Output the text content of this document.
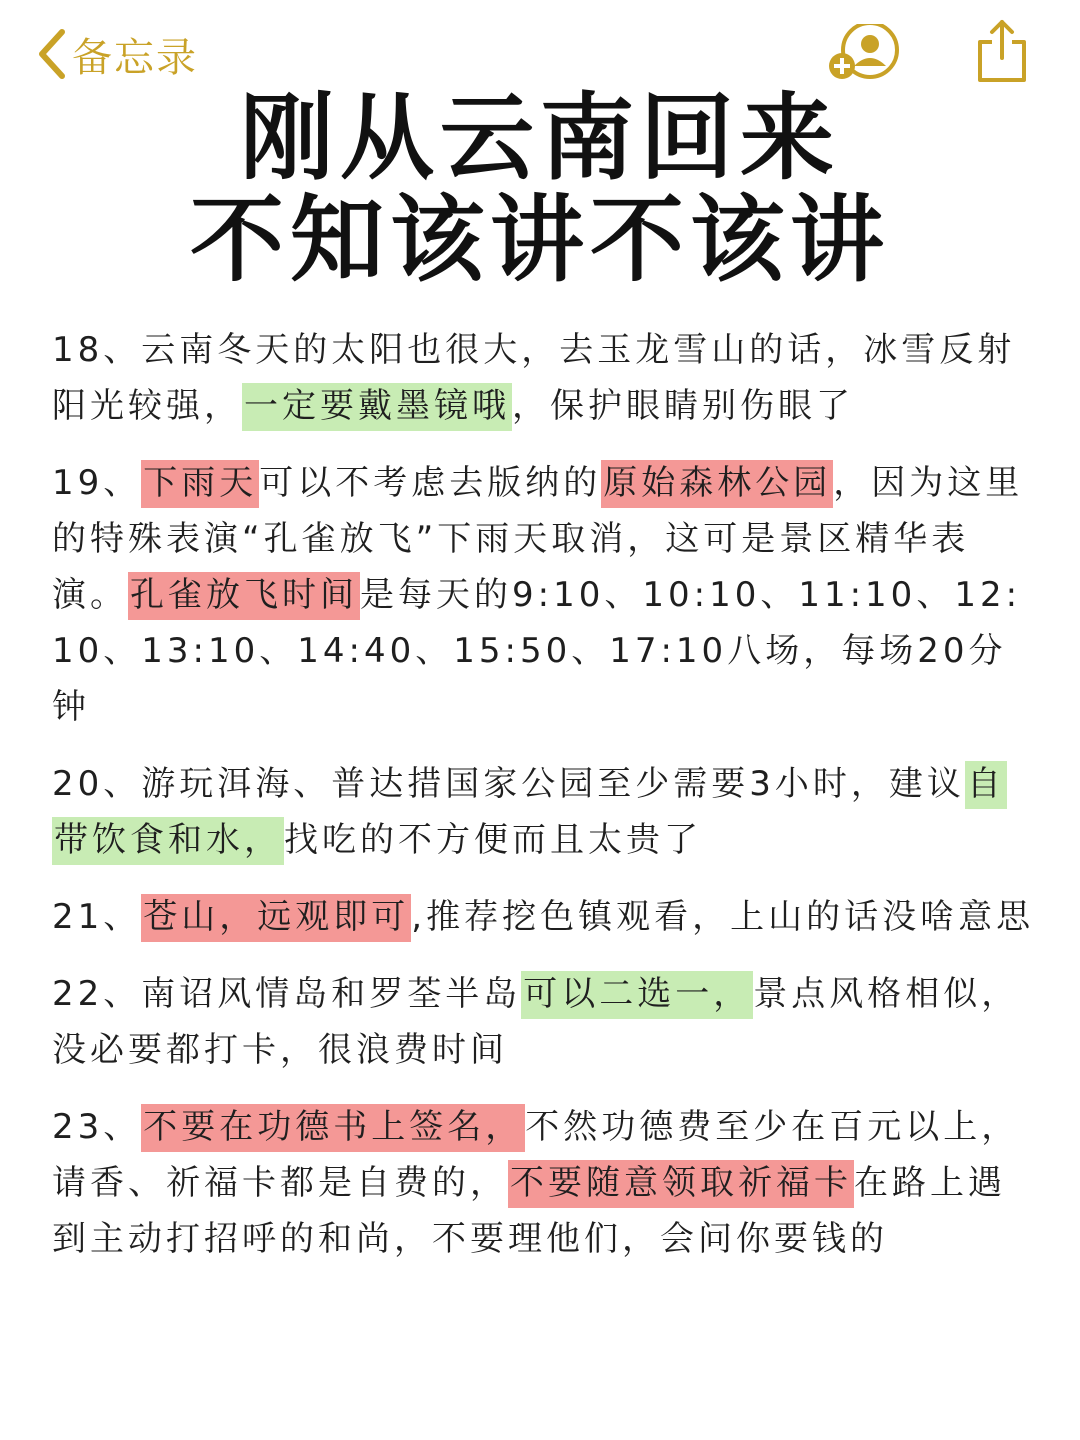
备忘录
刚从云南回来
不知该讲不该讲

18、云南冬天的太阳也很大，去玉龙雪山的话，冰雪反射阳光较强，一定要戴墨镜哦，保护眼睛别伤眼了

19、下雨天可以不考虑去版纳的原始森林公园，因为这里的特殊表演“孔雀放飞”下雨天取消，这可是景区精华表演。孔雀放飞时间是每天的9:10、10:10、11:10、12:10、13:10、14:40、15:50、17:10八场，每场20分钟

20、游玩洱海、普达措国家公园至少需要3小时，建议自带饮食和水，找吃的不方便而且太贵了

21、苍山，远观即可,推荐挖色镇观看，上山的话没啥意思

22、南诏风情岛和罗荃半岛可以二选一，景点风格相似，没必要都打卡，很浪费时间

23、不要在功德书上签名，不然功德费至少在百元以上，请香、祈福卡都是自费的，不要随意领取祈福卡在路上遇到主动打招呼的和尚，不要理他们，会问你要钱的
